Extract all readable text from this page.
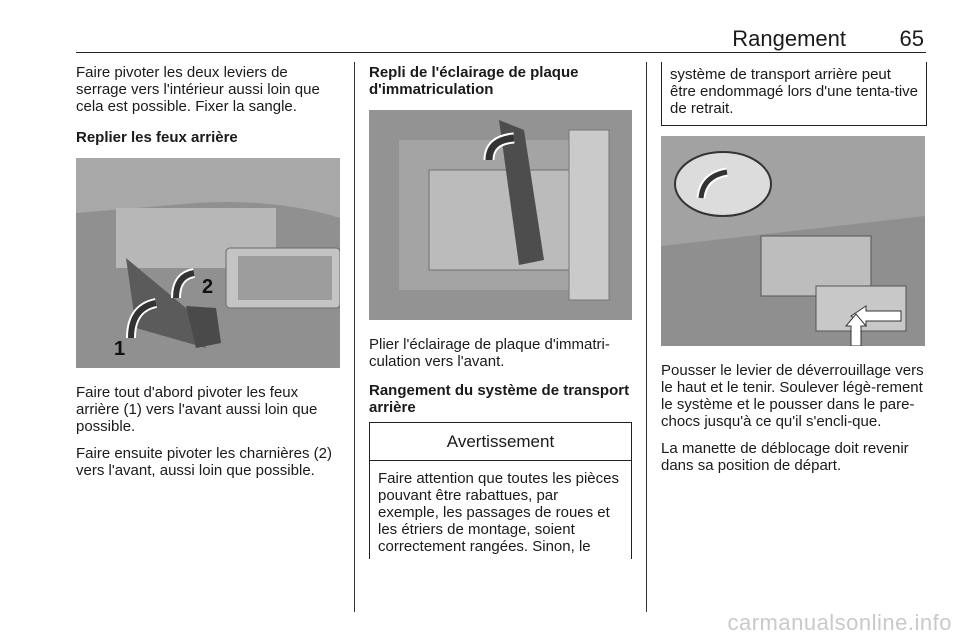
Rangement 65

Faire pivoter les deux leviers de serrage vers l'intérieur aussi loin que cela est possible. Fixer la sangle.

Replier les feux arrière
1
2

Faire tout d'abord pivoter les feux arrière (1) vers l'avant aussi loin que possible.

Faire ensuite pivoter les charnières (2) vers l'avant, aussi loin que possible.

Repli de l'éclairage de plaque d'immatriculation

Plier l'éclairage de plaque d'immatri-culation vers l'avant.

Rangement du système de transport arrière
Avertissement
Faire attention que toutes les pièces pouvant être rabattues, par exemple, les passages de roues et les étriers de montage, soient correctement rangées. Sinon, le
système de transport arrière peut être endommagé lors d'une tenta-tive de retrait.

Pousser le levier de déverrouillage vers le haut et le tenir. Soulever légè-rement le système et le pousser dans le pare-chocs jusqu'à ce qu'il s'encli-que.

La manette de déblocage doit revenir dans sa position de départ.

carmanualsonline.info
